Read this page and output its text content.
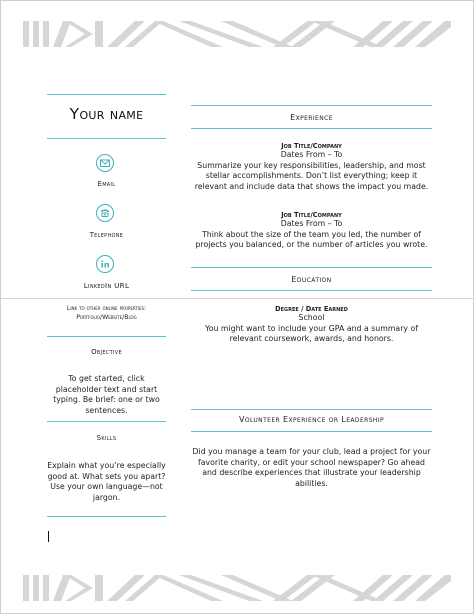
Your name
Email
Telephone
LinkedIn URL
Link to other online properties:
Portfolio/Website/Blog
Objective
To get started, click placeholder text and start typing. Be brief: one or two sentences.
Skills
Explain what you’re especially good at. What sets you apart? Use your own language—not jargon.
Experience
Job Title/Company
Dates From – To
Summarize your key responsibilities, leadership, and most stellar accomplishments. Don’t list everything; keep it relevant and include data that shows the impact you made.
Job Title/Company
Dates From – To
Think about the size of the team you led, the number of projects you balanced, or the number of articles you wrote.
Education
Degree / Date Earned
School
You might want to include your GPA and a summary of relevant coursework, awards, and honors.
Volunteer Experience or Leadership
Did you manage a team for your club, lead a project for your favorite charity, or edit your school newspaper? Go ahead and describe experiences that illustrate your leadership abilities.
